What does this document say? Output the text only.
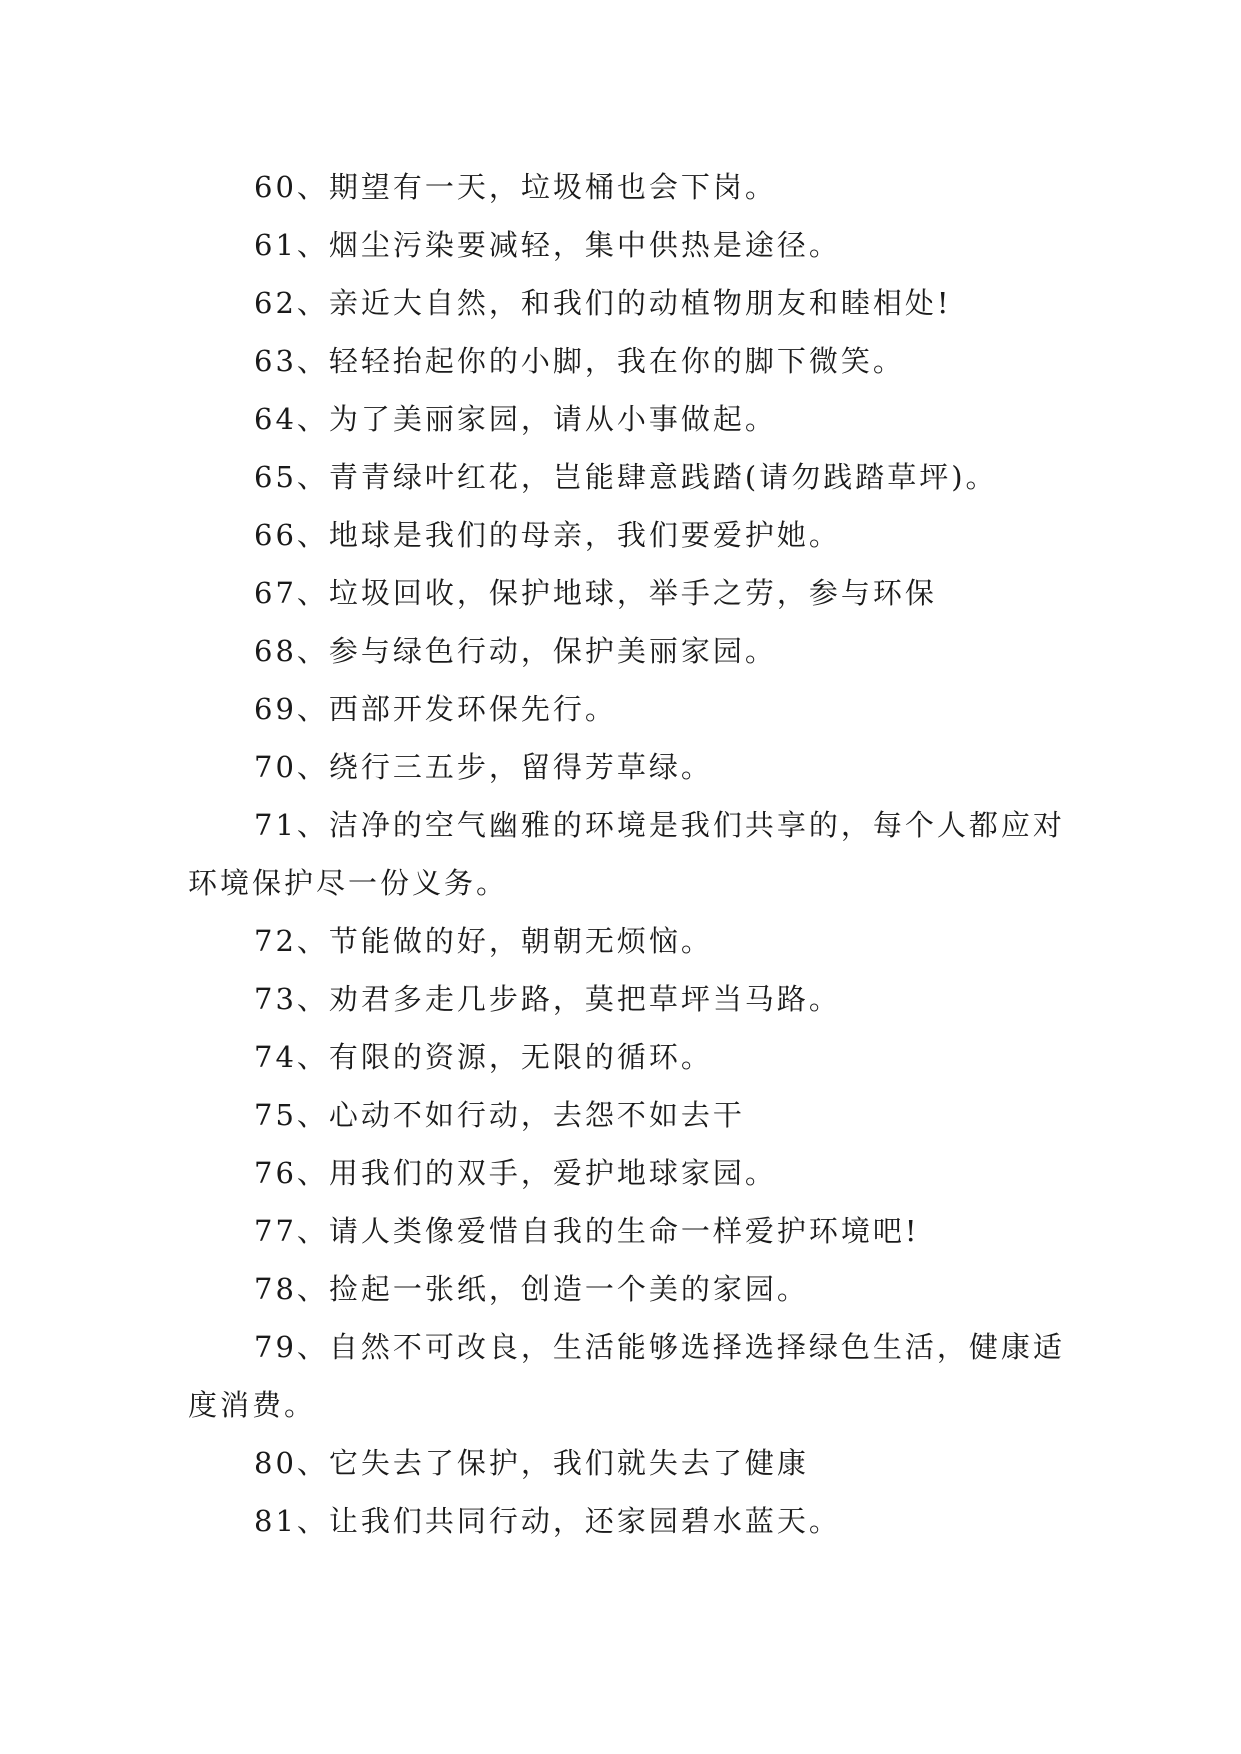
60、期望有一天，垃圾桶也会下岗。

61、烟尘污染要减轻，集中供热是途径。

62、亲近大自然，和我们的动植物朋友和睦相处!

63、轻轻抬起你的小脚，我在你的脚下微笑。

64、为了美丽家园，请从小事做起。

65、青青绿叶红花，岂能肆意践踏(请勿践踏草坪)。

66、地球是我们的母亲，我们要爱护她。

67、垃圾回收，保护地球，举手之劳，参与环保

68、参与绿色行动，保护美丽家园。

69、西部开发环保先行。

70、绕行三五步，留得芳草绿。

71、洁净的空气幽雅的环境是我们共享的，每个人都应对环境保护尽一份义务。

72、节能做的好，朝朝无烦恼。

73、劝君多走几步路，莫把草坪当马路。

74、有限的资源，无限的循环。

75、心动不如行动，去怨不如去干

76、用我们的双手，爱护地球家园。

77、请人类像爱惜自我的生命一样爱护环境吧!

78、捡起一张纸，创造一个美的家园。

79、自然不可改良，生活能够选择选择绿色生活，健康适度消费。

80、它失去了保护，我们就失去了健康

81、让我们共同行动，还家园碧水蓝天。
